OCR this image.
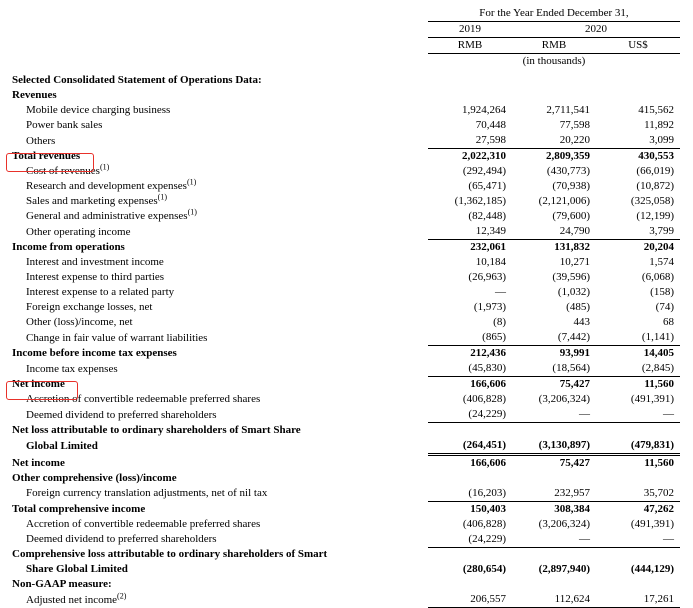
	For the Year Ended December 31,		
	2019	2020	
	RMB	RMB	US$
	(in thousands)		

Selected Consolidated Statement of Operations Data:			
Revenues			
Mobile device charging business	1,924,264	2,711,541	415,562
Power bank sales	70,448	77,598	11,892
Others	27,598	20,220	3,099
Total revenues	2,022,310	2,809,359	430,553
Cost of revenues$^{(1)}$	(292,494)	(430,773)	(66,019)
Research and development expenses$^{(1)}$	(65,471)	(70,938)	(10,872)
Sales and marketing expenses$^{(1)}$	(1,362,185)	(2,121,006)	(325,058)
General and administrative expenses$^{(1)}$	(82,448)	(79,600)	(12,199)
Other operating income	12,349	24,790	3,799
Income from operations	232,061	131,832	20,204
Interest and investment income	10,184	10,271	1,574
Interest expense to third parties	(26,963)	(39,596)	(6,068)
Interest expense to a related party	—	(1,032)	(158)
Foreign exchange losses, net	(1,973)	(485)	(74)
Other (loss)/income, net	(8)	443	68
Change in fair value of warrant liabilities	(865)	(7,442)	(1,141)
Income before income tax expenses	212,436	93,991	14,405
Income tax expenses	(45,830)	(18,564)	(2,845)
Net income	166,606	75,427	11,560
Accretion of convertible redeemable preferred shares	(406,828)	(3,206,324)	(491,391)
Deemed dividend to preferred shareholders	(24,229)	—	—
Net loss attributable to ordinary shareholders of Smart Share			
Global Limited	(264,451)	(3,130,897)	(479,831)
Net income	166,606	75,427	11,560
Other comprehensive (loss)/income			
Foreign currency translation adjustments, net of nil tax	(16,203)	232,957	35,702
Total comprehensive income	150,403	308,384	47,262
Accretion of convertible redeemable preferred shares	(406,828)	(3,206,324)	(491,391)
Deemed dividend to preferred shareholders	(24,229)	—	—
Comprehensive loss attributable to ordinary shareholders of Smart			
Share Global Limited	(280,654)	(2,897,940)	(444,129)
Non-GAAP measure:			
Adjusted net income$^{(2)}$	206,557	112,624	17,261
